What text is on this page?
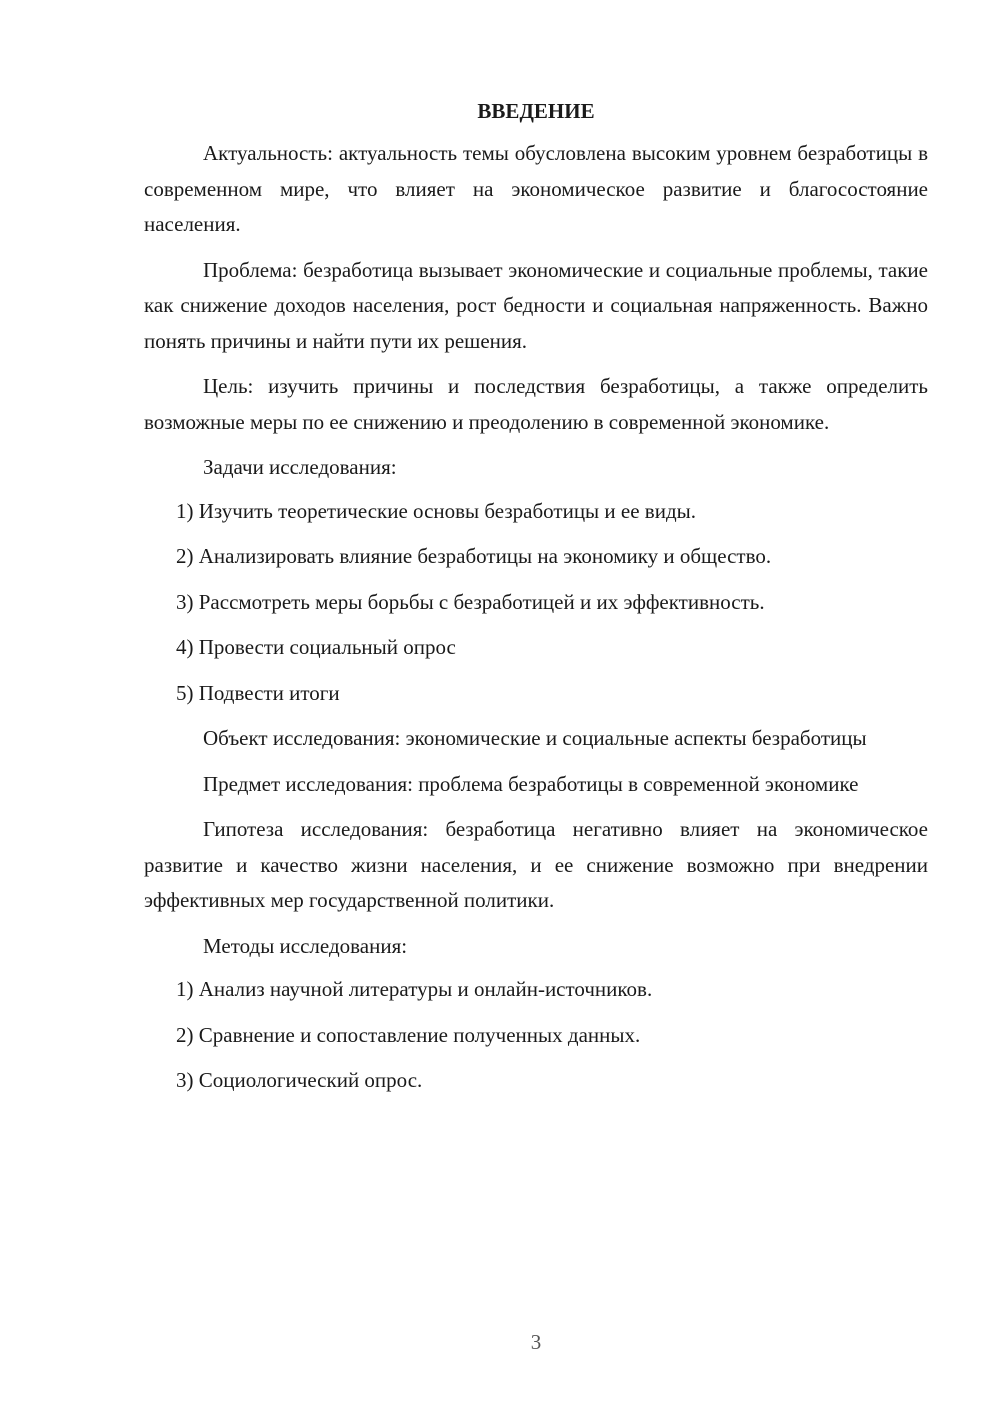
ВВЕДЕНИЕ

Актуальность: актуальность темы обусловлена высоким уровнем безработицы в современном мире, что влияет на экономическое развитие и благосостояние населения.

Проблема: безработица вызывает экономические и социальные проблемы, такие как снижение доходов населения, рост бедности и социальная напряженность. Важно понять причины и найти пути их решения.

Цель: изучить причины и последствия безработицы, а также определить возможные меры по ее снижению и преодолению в современной экономике.

Задачи исследования:

1) Изучить теоретические основы безработицы и ее виды.
2) Анализировать влияние безработицы на экономику и общество.
3) Рассмотреть меры борьбы с безработицей и их эффективность.
4) Провести социальный опрос
5) Подвести итоги

Объект исследования: экономические и социальные аспекты безработицы

Предмет исследования: проблема безработицы в современной экономике

Гипотеза исследования: безработица негативно влияет на экономическое развитие и качество жизни населения, и ее снижение возможно при внедрении эффективных мер государственной политики.

Методы исследования:

1) Анализ научной литературы и онлайн-источников.
2) Сравнение и сопоставление полученных данных.
3) Социологический опрос.
3
